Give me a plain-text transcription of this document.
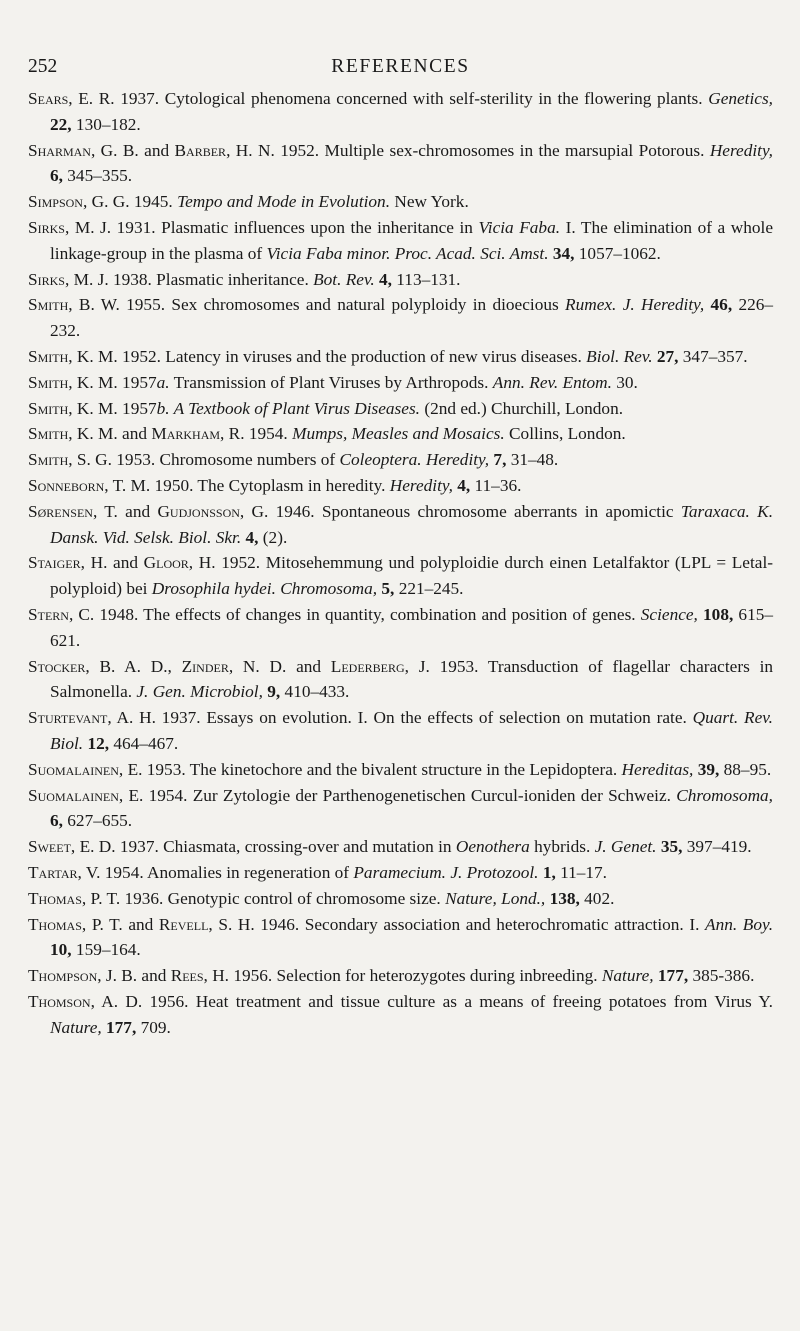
252	REFERENCES

Sears, E. R. 1937. Cytological phenomena concerned with self-sterility in the flowering plants. Genetics, 22, 130–182.

Sharman, G. B. and Barber, H. N. 1952. Multiple sex-chromosomes in the marsupial Potorous. Heredity, 6, 345–355.

Simpson, G. G. 1945. Tempo and Mode in Evolution. New York.

Sirks, M. J. 1931. Plasmatic influences upon the inheritance in Vicia Faba. I. The elimination of a whole linkage-group in the plasma of Vicia Faba minor. Proc. Acad. Sci. Amst. 34, 1057–1062.

Sirks, M. J. 1938. Plasmatic inheritance. Bot. Rev. 4, 113–131.

Smith, B. W. 1955. Sex chromosomes and natural polyploidy in dioecious Rumex. J. Heredity, 46, 226–232.

Smith, K. M. 1952. Latency in viruses and the production of new virus diseases. Biol. Rev. 27, 347–357.

Smith, K. M. 1957a. Transmission of Plant Viruses by Arthropods. Ann. Rev. Entom. 30.

Smith, K. M. 1957b. A Textbook of Plant Virus Diseases. (2nd ed.) Churchill, London.

Smith, K. M. and Markham, R. 1954. Mumps, Measles and Mosaics. Collins, London.

Smith, S. G. 1953. Chromosome numbers of Coleoptera. Heredity, 7, 31–48.

Sonneborn, T. M. 1950. The Cytoplasm in heredity. Heredity, 4, 11–36.

Sørensen, T. and Gudjonsson, G. 1946. Spontaneous chromosome aberrants in apomictic Taraxaca. K. Dansk. Vid. Selsk. Biol. Skr. 4, (2).

Staiger, H. and Gloor, H. 1952. Mitosehemmung und polyploidie durch einen Letalfaktor (LPL = Letal-polyploid) bei Drosophila hydei. Chromosoma, 5, 221–245.

Stern, C. 1948. The effects of changes in quantity, combination and position of genes. Science, 108, 615–621.

Stocker, B. A. D., Zinder, N. D. and Lederberg, J. 1953. Transduction of flagellar characters in Salmonella. J. Gen. Microbiol, 9, 410–433.

Sturtevant, A. H. 1937. Essays on evolution. I. On the effects of selection on mutation rate. Quart. Rev. Biol. 12, 464–467.

Suomalainen, E. 1953. The kinetochore and the bivalent structure in the Lepidoptera. Hereditas, 39, 88–95.

Suomalainen, E. 1954. Zur Zytologie der Parthenogenetischen Curcul-ioniden der Schweiz. Chromosoma, 6, 627–655.

Sweet, E. D. 1937. Chiasmata, crossing-over and mutation in Oenothera hybrids. J. Genet. 35, 397–419.

Tartar, V. 1954. Anomalies in regeneration of Paramecium. J. Protozool. 1, 11–17.

Thomas, P. T. 1936. Genotypic control of chromosome size. Nature, Lond., 138, 402.

Thomas, P. T. and Revell, S. H. 1946. Secondary association and heterochromatic attraction. I. Ann. Boy. 10, 159–164.

Thompson, J. B. and Rees, H. 1956. Selection for heterozygotes during inbreeding. Nature, 177, 385-386.

Thomson, A. D. 1956. Heat treatment and tissue culture as a means of freeing potatoes from Virus Y. Nature, 177, 709.
